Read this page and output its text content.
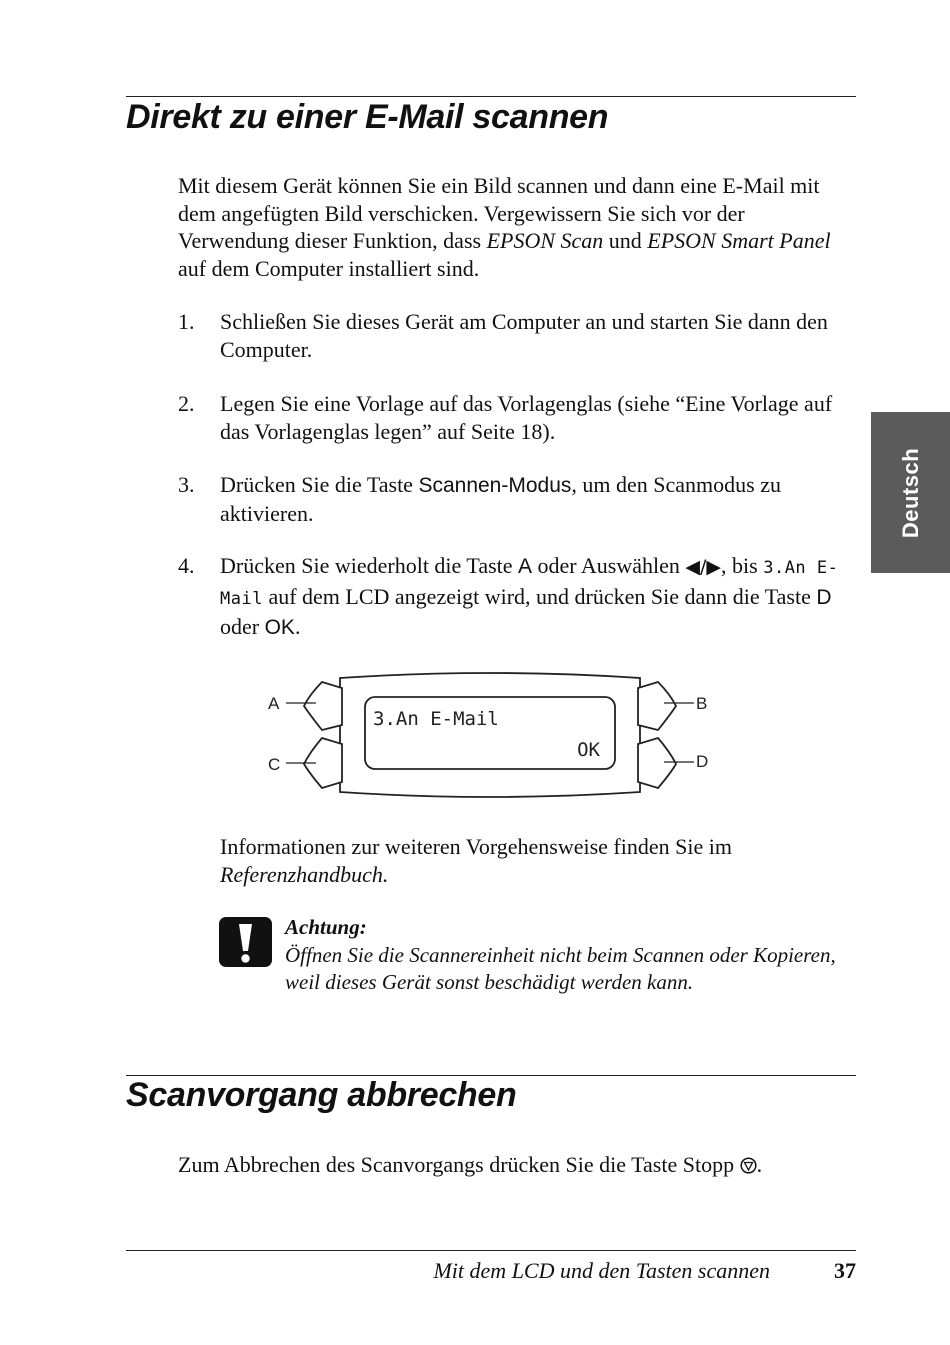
Direkt zu einer E-Mail scannen
Deutsch

Mit diesem Gerät können Sie ein Bild scannen und dann eine E-Mail mit dem angefügten Bild verschicken. Vergewissern Sie sich vor der Verwendung dieser Funktion, dass EPSON Scan und EPSON Smart Panel auf dem Computer installiert sind.

1. Schließen Sie dieses Gerät am Computer an und starten Sie dann den Computer.
2. Legen Sie eine Vorlage auf das Vorlagenglas (siehe “Eine Vorlage auf das Vorlagenglas legen” auf Seite 18).
3. Drücken Sie die Taste Scannen-Modus, um den Scanmodus zu aktivieren.
4. Drücken Sie wiederholt die Taste A oder Auswählen ◀/▶, bis 3.An E-Mail auf dem LCD angezeigt wird, und drücken Sie dann die Taste D oder OK.
3.An E-Mail
OK
A
C
B
D

Informationen zur weiteren Vorgehensweise finden Sie im Referenzhandbuch.

Achtung:
Öffnen Sie die Scannereinheit nicht beim Scannen oder Kopieren, weil dieses Gerät sonst beschädigt werden kann.
Scanvorgang abbrechen

Zum Abbrechen des Scanvorgangs drücken Sie die Taste Stopp .

Mit dem LCD und den Tasten scannen	37
